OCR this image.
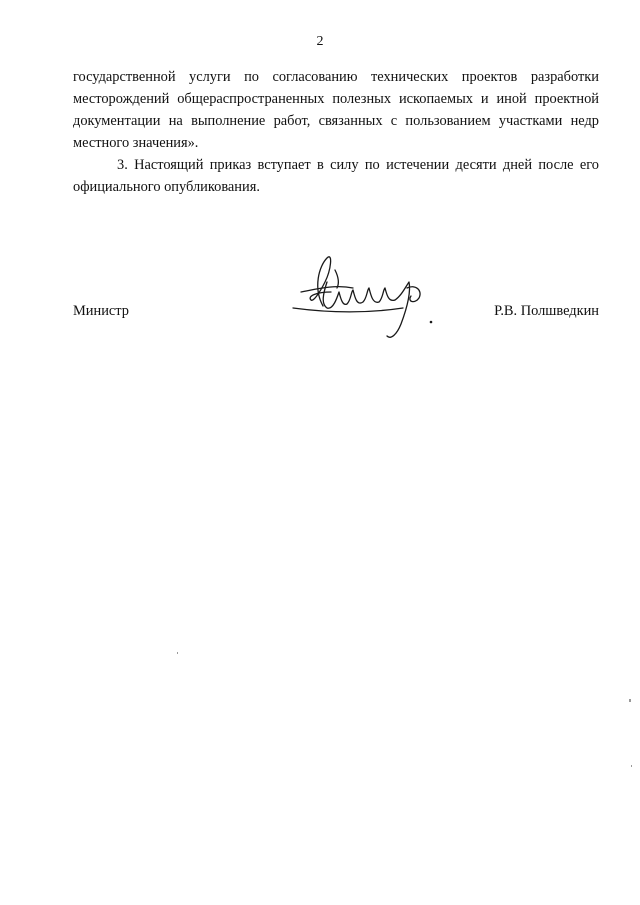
2

государственной услуги по согласованию технических проектов разработки месторождений общераспространенных полезных ископаемых и иной проектной документации на выполнение работ, связанных с пользованием участками недр местного значения».

3. Настоящий приказ вступает в силу по истечении десяти дней после его официального опубликования.

Министр	Р.В. Полшведкин
